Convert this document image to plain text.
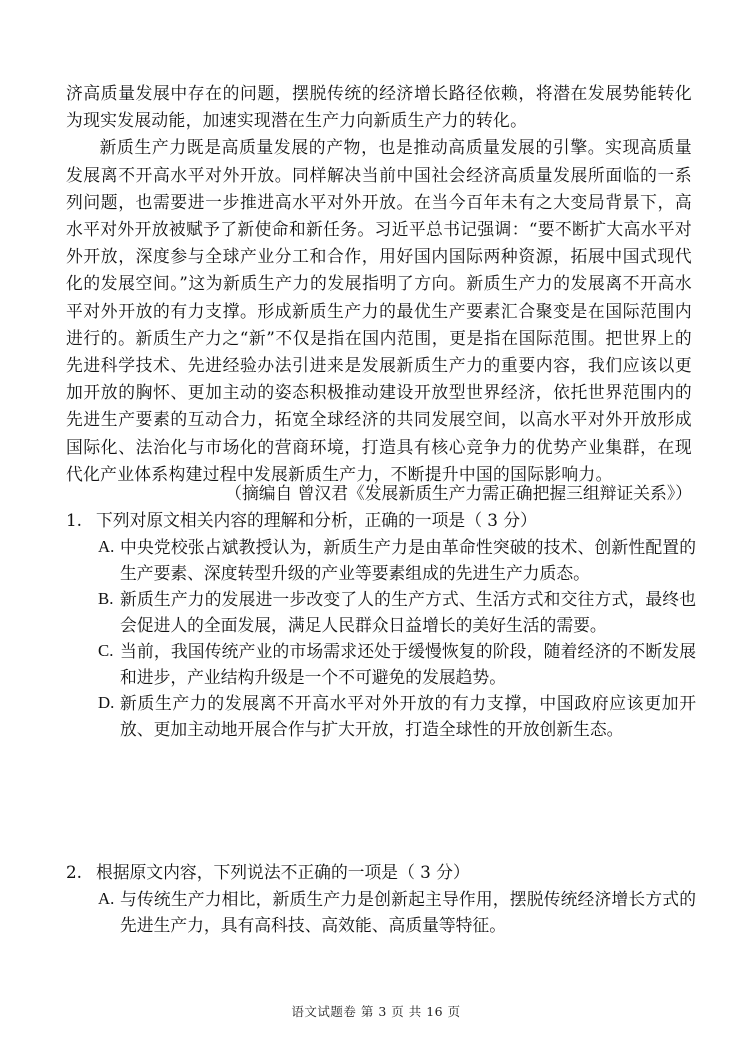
济高质量发展中存在的问题，摆脱传统的经济增长路径依赖，将潜在发展势能转化为现实发展动能，加速实现潜在生产力向新质生产力的转化。

新质生产力既是高质量发展的产物，也是推动高质量发展的引擎。实现高质量发展离不开高水平对外开放。同样解决当前中国社会经济高质量发展所面临的一系列问题，也需要进一步推进高水平对外开放。在当今百年未有之大变局背景下，高水平对外开放被赋予了新使命和新任务。习近平总书记强调：“要不断扩大高水平对外开放，深度参与全球产业分工和合作，用好国内国际两种资源，拓展中国式现代化的发展空间。”这为新质生产力的发展指明了方向。新质生产力的发展离不开高水平对外开放的有力支撑。形成新质生产力的最优生产要素汇合聚变是在国际范围内进行的。新质生产力之“新”不仅是指在国内范围，更是指在国际范围。把世界上的先进科学技术、先进经验办法引进来是发展新质生产力的重要内容，我们应该以更加开放的胸怀、更加主动的姿态积极推动建设开放型世界经济，依托世界范围内的先进生产要素的互动合力，拓宽全球经济的共同发展空间，以高水平对外开放形成国际化、法治化与市场化的营商环境，打造具有核心竞争力的优势产业集群，在现代化产业体系构建过程中发展新质生产力，不断提升中国的国际影响力。

（摘编自 曾汉君《发展新质生产力需正确把握三组辩证关系》）
1. 下列对原文相关内容的理解和分析，正确的一项是（ 3 分）
A. 中央党校张占斌教授认为，新质生产力是由革命性突破的技术、创新性配置的生产要素、深度转型升级的产业等要素组成的先进生产力质态。
B. 新质生产力的发展进一步改变了人的生产方式、生活方式和交往方式，最终也会促进人的全面发展，满足人民群众日益增长的美好生活的需要。
C. 当前，我国传统产业的市场需求还处于缓慢恢复的阶段，随着经济的不断发展和进步，产业结构升级是一个不可避免的发展趋势。
D. 新质生产力的发展离不开高水平对外开放的有力支撑，中国政府应该更加开放、更加主动地开展合作与扩大开放，打造全球性的开放创新生态。
2. 根据原文内容，下列说法不正确的一项是（ 3 分）
A. 与传统生产力相比，新质生产力是创新起主导作用，摆脱传统经济增长方式的先进生产力，具有高科技、高效能、高质量等特征。
语文试题卷 第 3 页 共 16 页
